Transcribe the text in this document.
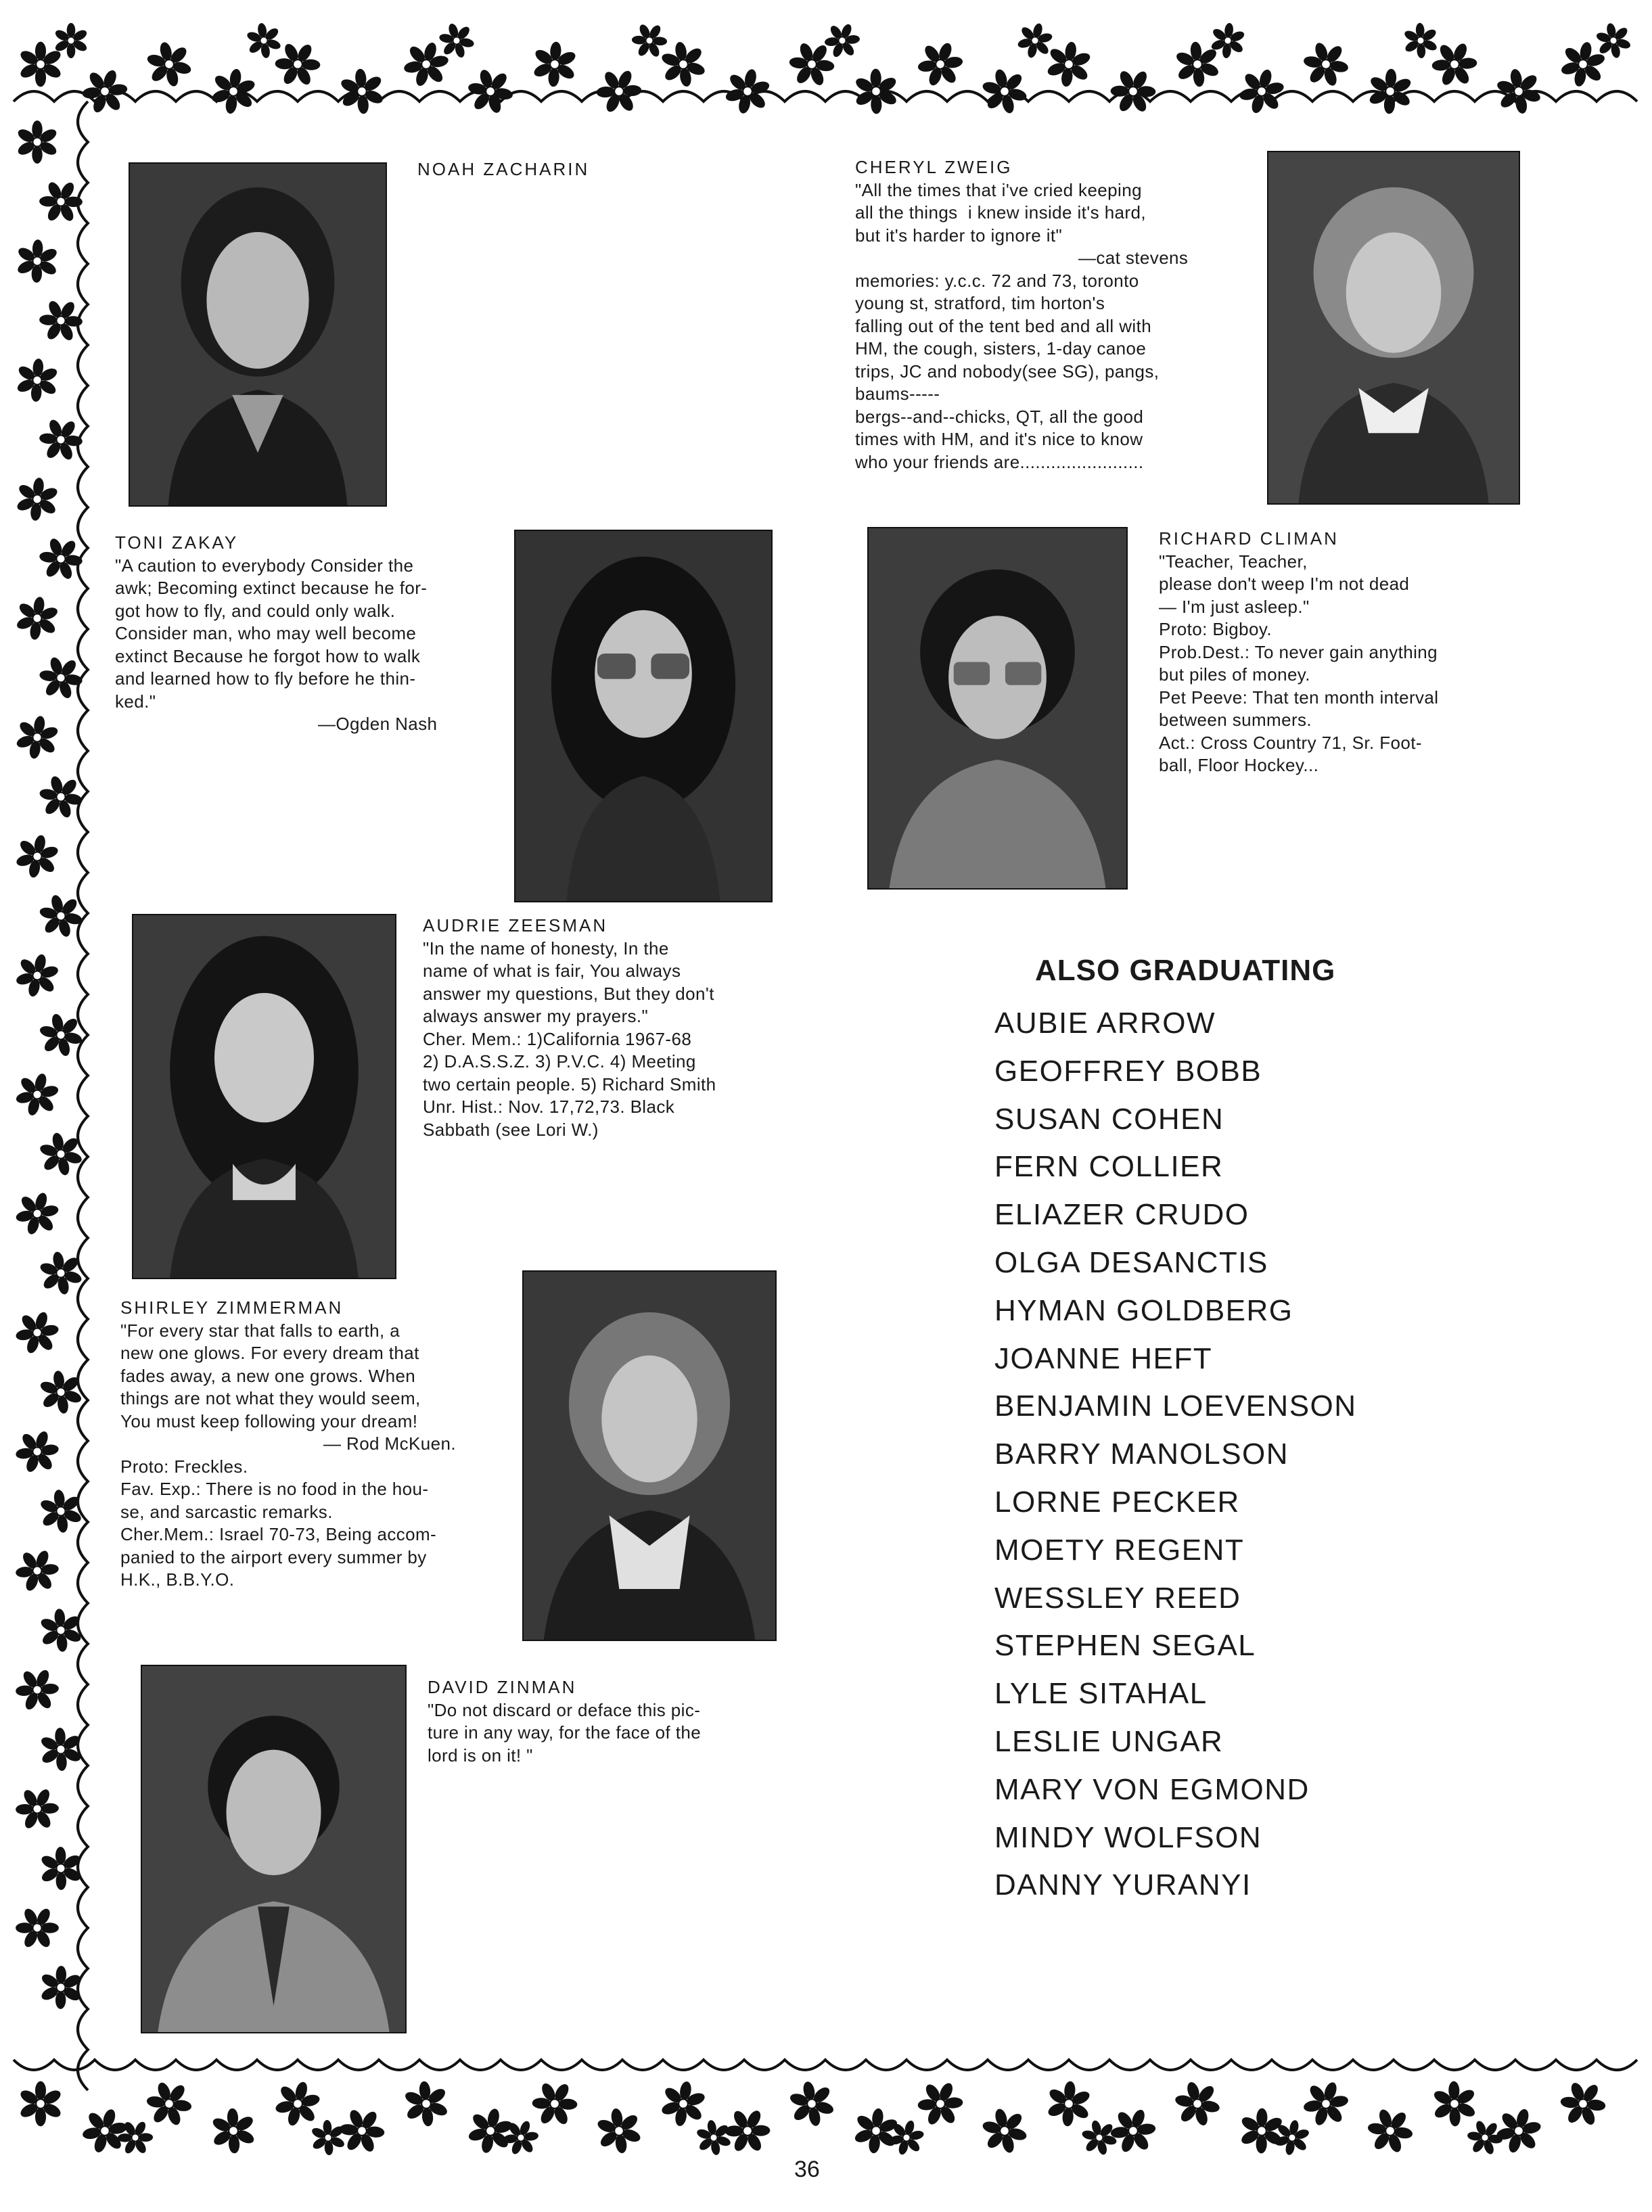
NOAH ZACHARIN	CHERYL ZWEIG
"All the times that i've cried keeping
all the things  i knew inside it's hard,
but it's harder to ignore it"
—cat stevens
memories: y.c.c. 72 and 73, toronto
young st, stratford, tim horton's
falling out of the tent bed and all with
HM, the cough, sisters, 1-day canoe
trips, JC and nobody(see SG), pangs,
baums-----
bergs--and--chicks, QT, all the good
times with HM, and it's nice to know
who your friends are........................
TONI ZAKAY
"A caution to everybody Consider the
awk; Becoming extinct because he for-
got how to fly, and could only walk.
Consider man, who may well become
extinct Because he forgot how to walk
and learned how to fly before he thin-
ked."
—Ogden Nash
RICHARD CLIMAN
"Teacher, Teacher,
please don't weep I'm not dead
— I'm just asleep."
Proto: Bigboy.
Prob.Dest.: To never gain anything
but piles of money.
Pet Peeve: That ten month interval
between summers.
Act.: Cross Country 71, Sr. Foot-
ball, Floor Hockey...
AUDRIE ZEESMAN
"In the name of honesty, In the
name of what is fair, You always
answer my questions, But they don't
always answer my prayers."
Cher. Mem.: 1)California 1967-68
2) D.A.S.S.Z. 3) P.V.C. 4) Meeting
two certain people. 5) Richard Smith
Unr. Hist.: Nov. 17,72,73. Black
Sabbath (see Lori W.)
SHIRLEY ZIMMERMAN
"For every star that falls to earth, a
new one glows. For every dream that
fades away, a new one grows. When
things are not what they would seem,
You must keep following your dream!
— Rod McKuen.
Proto: Freckles.
Fav. Exp.: There is no food in the hou-
se, and sarcastic remarks.
Cher.Mem.: Israel 70-73, Being accom-
panied to the airport every summer by
H.K., B.B.Y.O.
DAVID ZINMAN
"Do not discard or deface this pic-
ture in any way, for the face of the
lord is on it! "
ALSO GRADUATING
AUBIE ARROW
GEOFFREY BOBB
SUSAN COHEN
FERN COLLIER
ELIAZER CRUDO
OLGA DESANCTIS
HYMAN GOLDBERG
JOANNE HEFT
BENJAMIN LOEVENSON
BARRY MANOLSON
LORNE PECKER
MOETY REGENT
WESSLEY REED
STEPHEN SEGAL
LYLE SITAHAL
LESLIE UNGAR
MARY VON EGMOND
MINDY WOLFSON
DANNY YURANYI
36
